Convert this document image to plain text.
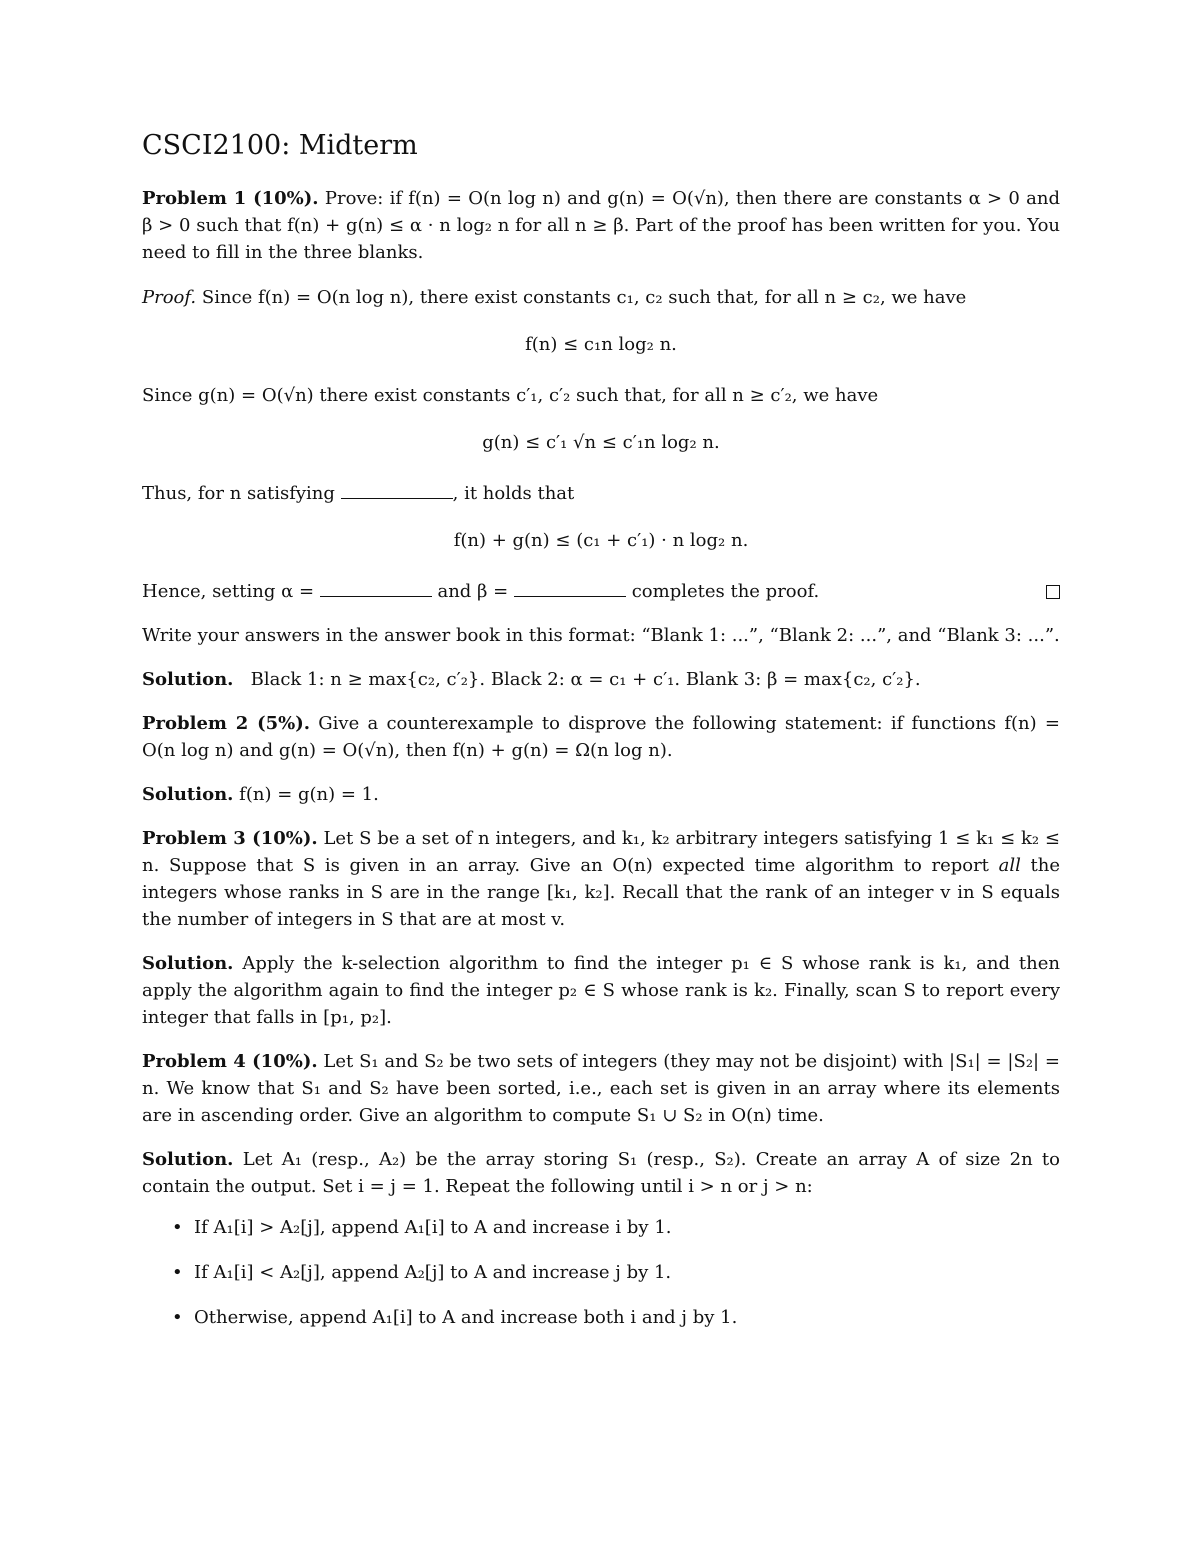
CSCI2100: Midterm
Problem 1 (10%). Prove: if f(n) = O(n log n) and g(n) = O(√n), then there are constants α > 0 and β > 0 such that f(n) + g(n) ≤ α · n log₂ n for all n ≥ β. Part of the proof has been written for you. You need to fill in the three blanks.
Proof. Since f(n) = O(n log n), there exist constants c₁, c₂ such that, for all n ≥ c₂, we have
f(n) ≤ c₁n log₂ n.
Since g(n) = O(√n) there exist constants c′₁, c′₂ such that, for all n ≥ c′₂, we have
g(n) ≤ c′₁ √n ≤ c′₁n log₂ n.
Thus, for n satisfying	, it holds that
f(n) + g(n) ≤ (c₁ + c′₁) · n log₂ n.
Hence, setting α =	and β =	completes the proof.
Write your answers in the answer book in this format: “Blank 1: ...”, “Blank 2: ...”, and “Blank 3: ...”.
Solution.   Black 1: n ≥ max{c₂, c′₂}. Black 2: α = c₁ + c′₁. Blank 3: β = max{c₂, c′₂}.
Problem 2 (5%). Give a counterexample to disprove the following statement: if functions f(n) = O(n log n) and g(n) = O(√n), then f(n) + g(n) = Ω(n log n).
Solution. f(n) = g(n) = 1.
Problem 3 (10%). Let S be a set of n integers, and k₁, k₂ arbitrary integers satisfying 1 ≤ k₁ ≤ k₂ ≤ n. Suppose that S is given in an array. Give an O(n) expected time algorithm to report all the integers whose ranks in S are in the range [k₁, k₂]. Recall that the rank of an integer v in S equals the number of integers in S that are at most v.
Solution. Apply the k-selection algorithm to find the integer p₁ ∈ S whose rank is k₁, and then apply the algorithm again to find the integer p₂ ∈ S whose rank is k₂. Finally, scan S to report every integer that falls in [p₁, p₂].
Problem 4 (10%). Let S₁ and S₂ be two sets of integers (they may not be disjoint) with |S₁| = |S₂| = n. We know that S₁ and S₂ have been sorted, i.e., each set is given in an array where its elements are in ascending order. Give an algorithm to compute S₁ ∪ S₂ in O(n) time.
Solution. Let A₁ (resp., A₂) be the array storing S₁ (resp., S₂). Create an array A of size 2n to contain the output. Set i = j = 1. Repeat the following until i > n or j > n:
• If A₁[i] > A₂[j], append A₁[i] to A and increase i by 1.
• If A₁[i] < A₂[j], append A₂[j] to A and increase j by 1.
• Otherwise, append A₁[i] to A and increase both i and j by 1.
